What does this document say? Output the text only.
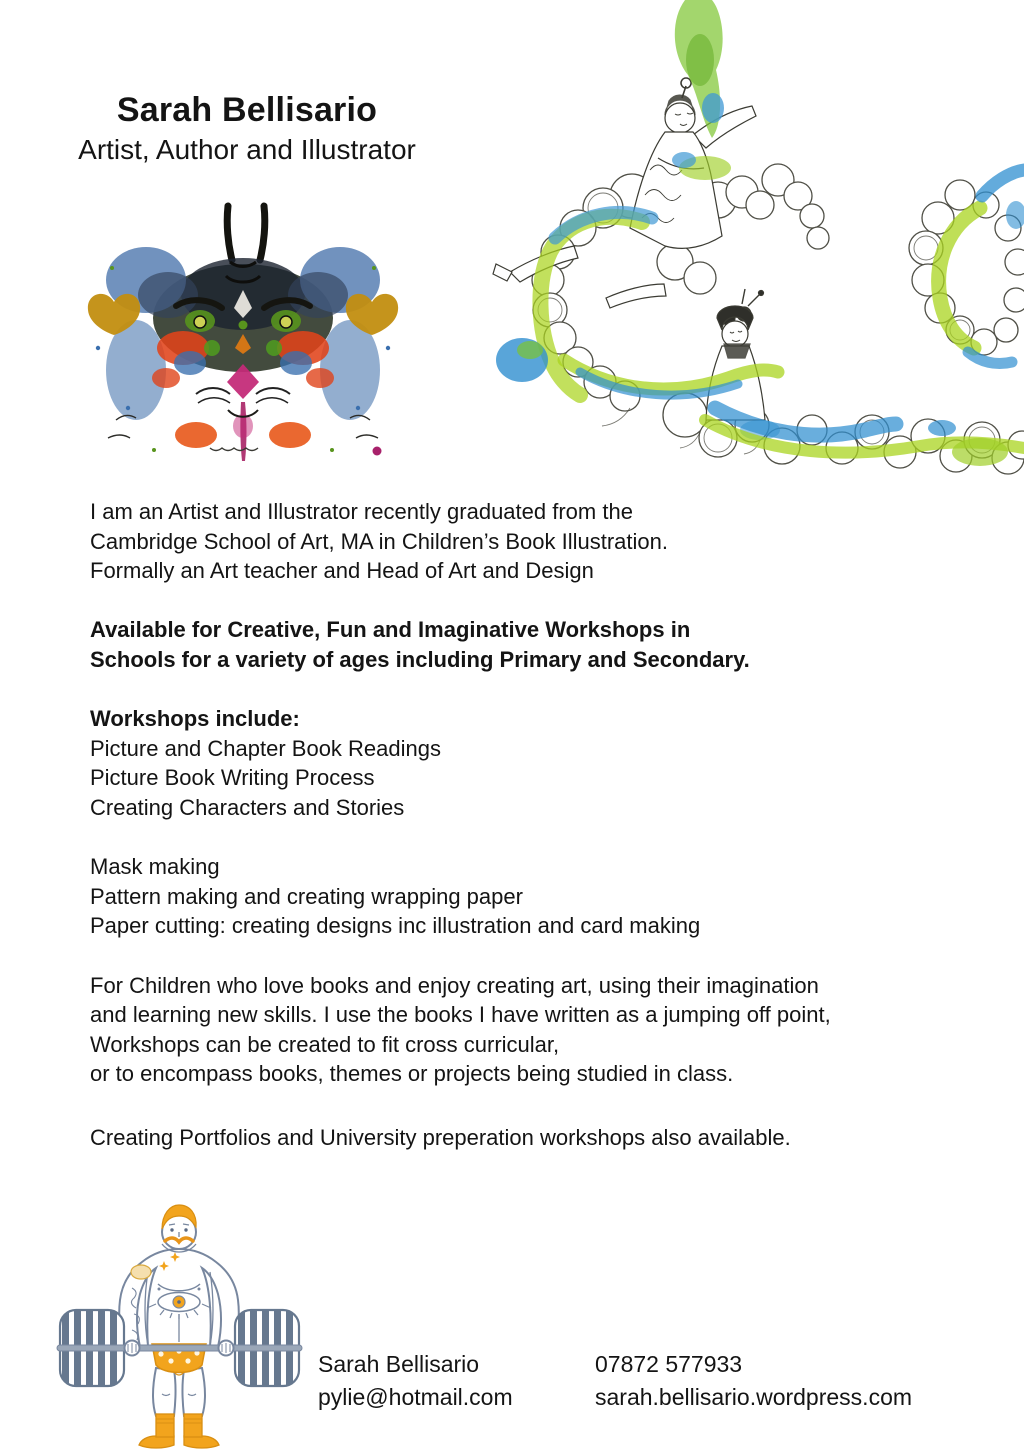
Sarah Bellisario
Artist, Author and Illustrator

I am an Artist and Illustrator recently graduated from the
Cambridge School of Art, MA in Children’s Book Illustration.
Formally an Art teacher and Head of Art and Design

Available for Creative, Fun and Imaginative Workshops in
Schools for a variety of ages including Primary and Secondary.

Workshops include:
Picture and Chapter Book Readings
Picture Book Writing Process
Creating Characters and Stories

Mask making
Pattern making and creating wrapping paper
Paper cutting: creating designs inc illustration and card making

For Children who love books and enjoy creating art, using their imagination
and learning new skills. I use the books I have written as a jumping off point,
Workshops can be created to fit cross curricular,
or to encompass books, themes or projects being studied in class.

Creating Portfolios and University preperation workshops also available.

Sarah Bellisario
pylie@hotmail.com
07872 577933
sarah.bellisario.wordpress.com
